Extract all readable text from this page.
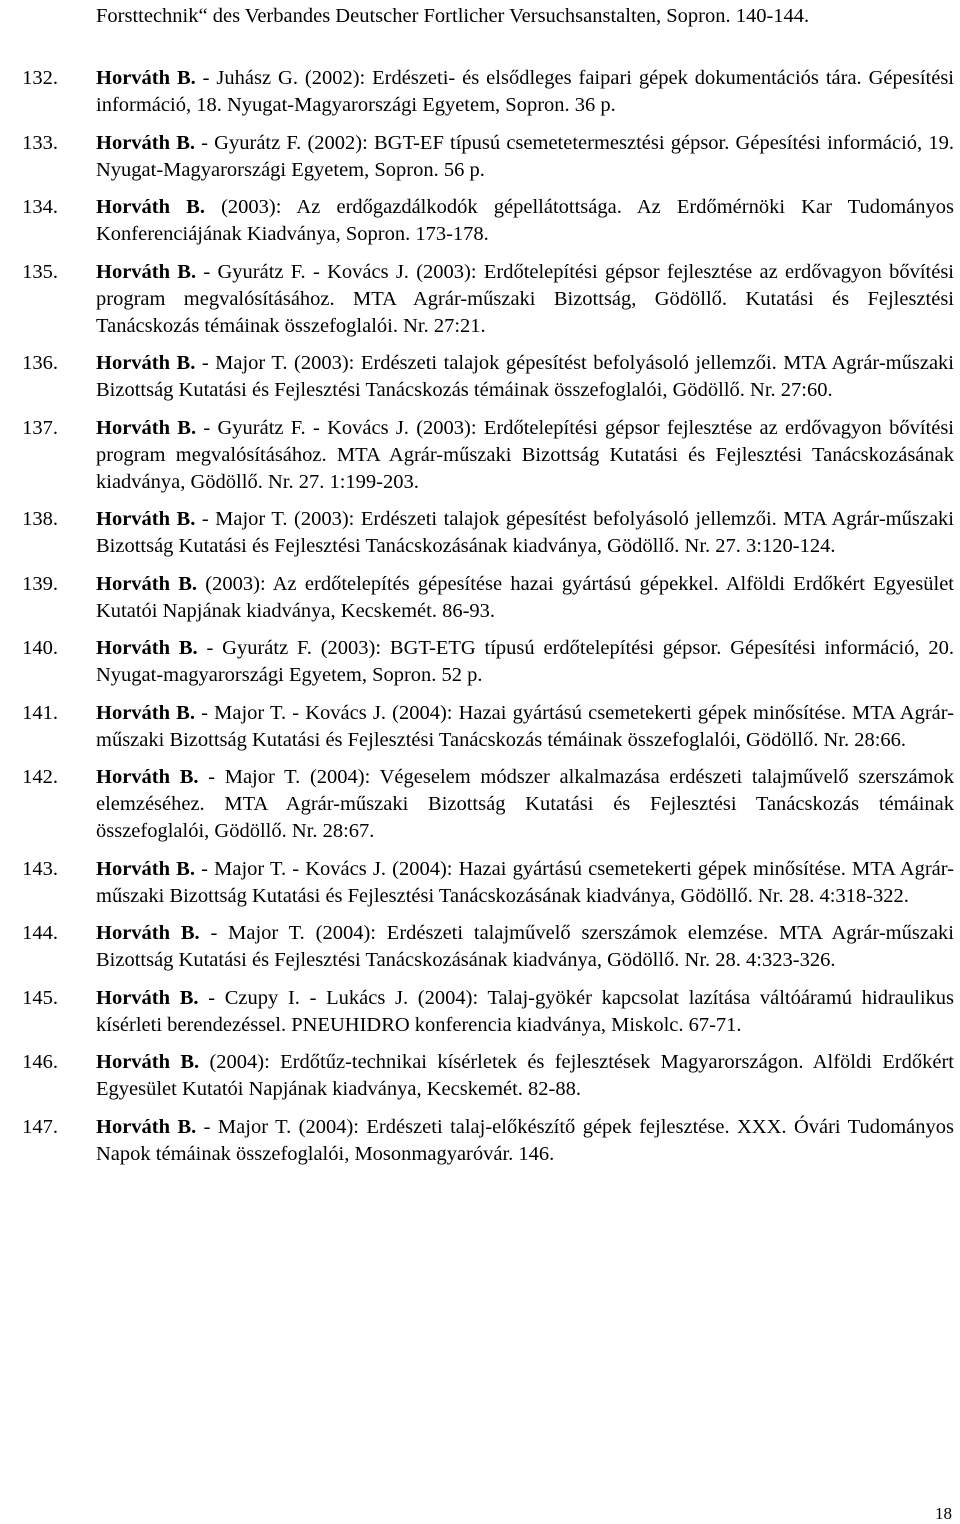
Forsttechnik“ des Verbandes Deutscher Fortlicher Versuchsanstalten, Sopron. 140-144.
132. Horváth B. - Juhász G. (2002): Erdészeti- és elsődleges faipari gépek dokumentációs tára. Gépesítési információ, 18. Nyugat-Magyarországi Egyetem, Sopron. 36 p.
133. Horváth B. - Gyurátz F. (2002): BGT-EF típusú csemetetermesztési gépsor. Gépesítési információ, 19. Nyugat-Magyarországi Egyetem, Sopron. 56 p.
134. Horváth B. (2003): Az erdőgazdálkodók gépellátottsága. Az Erdőmérnöki Kar Tudományos Konferenciájának Kiadványa, Sopron. 173-178.
135. Horváth B. - Gyurátz F. - Kovács J. (2003): Erdőtelepítési gépsor fejlesztése az erdővagyon bővítési program megvalósításához. MTA Agrár-műszaki Bizottság, Gödöllő. Kutatási és Fejlesztési Tanácskozás témáinak összefoglalói. Nr. 27:21.
136. Horváth B. - Major T. (2003): Erdészeti talajok gépesítést befolyásoló jellemzői. MTA Agrár-műszaki Bizottság Kutatási és Fejlesztési Tanácskozás témáinak összefoglalói, Gödöllő. Nr. 27:60.
137. Horváth B. - Gyurátz F. - Kovács J. (2003): Erdőtelepítési gépsor fejlesztése az erdővagyon bővítési program megvalósításához. MTA Agrár-műszaki Bizottság Kutatási és Fejlesztési Tanácskozásának kiadványa, Gödöllő. Nr. 27. 1:199-203.
138. Horváth B. - Major T. (2003): Erdészeti talajok gépesítést befolyásoló jellemzői. MTA Agrár-műszaki Bizottság Kutatási és Fejlesztési Tanácskozásának kiadványa, Gödöllő. Nr. 27. 3:120-124.
139. Horváth B. (2003): Az erdőtelepítés gépesítése hazai gyártású gépekkel. Alföldi Erdőkért Egyesület Kutatói Napjának kiadványa, Kecskemét. 86-93.
140. Horváth B. - Gyurátz F. (2003): BGT-ETG típusú erdőtelepítési gépsor. Gépesítési információ, 20. Nyugat-magyarországi Egyetem, Sopron. 52 p.
141. Horváth B. - Major T. - Kovács J. (2004): Hazai gyártású csemetekerti gépek minősítése. MTA Agrár-műszaki Bizottság Kutatási és Fejlesztési Tanácskozás témáinak összefoglalói, Gödöllő. Nr. 28:66.
142. Horváth B. - Major T. (2004): Végeselem módszer alkalmazása erdészeti talajművelő szerszámok elemzéséhez. MTA Agrár-műszaki Bizottság Kutatási és Fejlesztési Tanácskozás témáinak összefoglalói, Gödöllő. Nr. 28:67.
143. Horváth B. - Major T. - Kovács J. (2004): Hazai gyártású csemetekerti gépek minősítése. MTA Agrár-műszaki Bizottság Kutatási és Fejlesztési Tanácskozásának kiadványa, Gödöllő. Nr. 28. 4:318-322.
144. Horváth B. - Major T. (2004): Erdészeti talajművelő szerszámok elemzése. MTA Agrár-műszaki Bizottság Kutatási és Fejlesztési Tanácskozásának kiadványa, Gödöllő. Nr. 28. 4:323-326.
145. Horváth B. - Czupy I. - Lukács J. (2004): Talaj-gyökér kapcsolat lazítása váltóáramú hidraulikus kísérleti berendezéssel. PNEUHIDRO konferencia kiadványa, Miskolc. 67-71.
146. Horváth B. (2004): Erdőtűz-technikai kísérletek és fejlesztések Magyarországon. Alföldi Erdőkért Egyesület Kutatói Napjának kiadványa, Kecskemét. 82-88.
147. Horváth B. - Major T. (2004): Erdészeti talaj-előkészítő gépek fejlesztése. XXX. Óvári Tudományos Napok témáinak összefoglalói, Mosonmagyaróvár. 146.
18
